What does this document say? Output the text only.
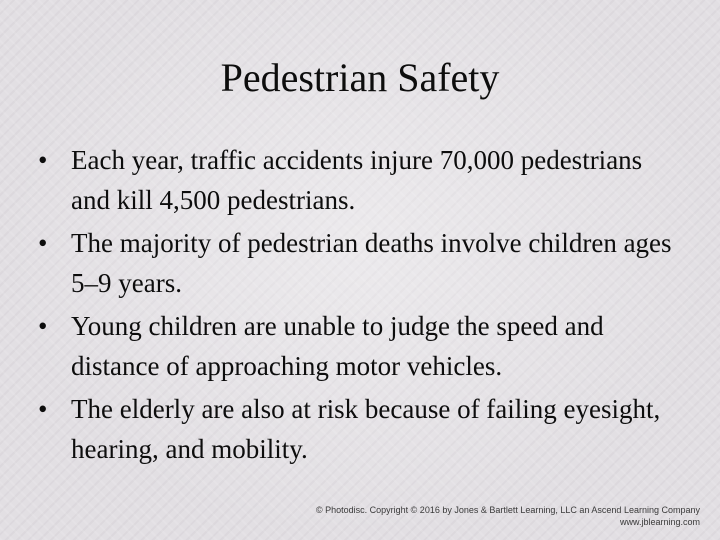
Pedestrian Safety
• Each year, traffic accidents injure 70,000 pedestrians and kill 4,500 pedestrians.
• The majority of pedestrian deaths involve children ages 5–9 years.
• Young children are unable to judge the speed and distance of approaching motor vehicles.
• The elderly are also at risk because of failing eyesight, hearing, and mobility.
© Photodisc. Copyright © 2016 by Jones & Bartlett Learning, LLC an Ascend Learning Company
www.jblearning.com
